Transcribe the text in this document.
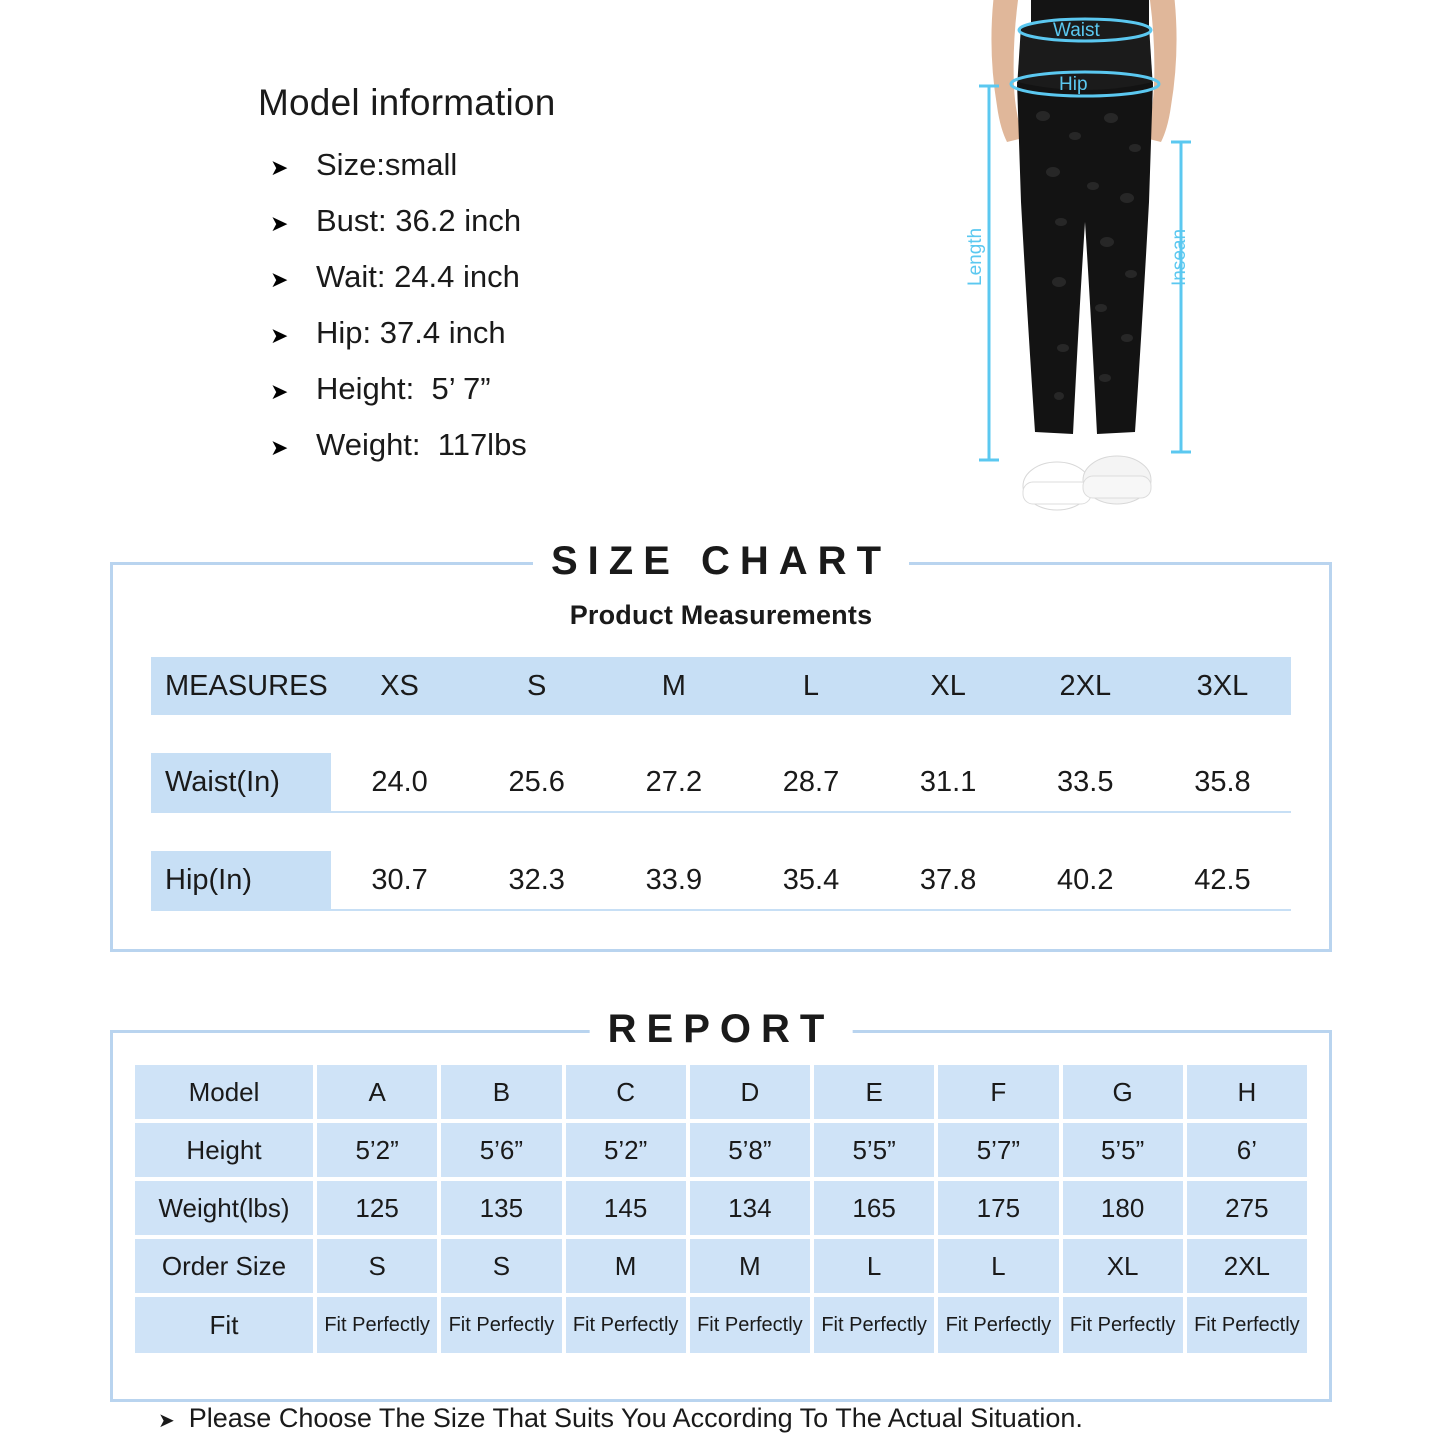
Model information
➤ Size:small
➤ Bust: 36.2 inch
➤ Wait: 24.4 inch
➤ Hip: 37.4 inch
➤ Height:  5’ 7”
➤ Weight:  117lbs
Waist
Hip
Length	Insean
SIZE CHART
Product Measurements
MEASURES	XS	S	M	L	XL	2XL	3XL

Waist(In)	24.0	25.6	27.2	28.7	31.1	33.5	35.8

Hip(In)	30.7	32.3	33.9	35.4	37.8	40.2	42.5
REPORT
Model	A	B	C	D	E	F	G	H
Height	5’2”	5’6”	5’2”	5’8”	5’5”	5’7”	5’5”	6’
Weight(lbs)	125	135	145	134	165	175	180	275
Order Size	S	S	M	M	L	L	XL	2XL
Fit	Fit Perfectly	Fit Perfectly	Fit Perfectly	Fit Perfectly	Fit Perfectly	Fit Perfectly	Fit Perfectly	Fit Perfectly
➤ Please Choose The Size That Suits You According To The Actual Situation.
